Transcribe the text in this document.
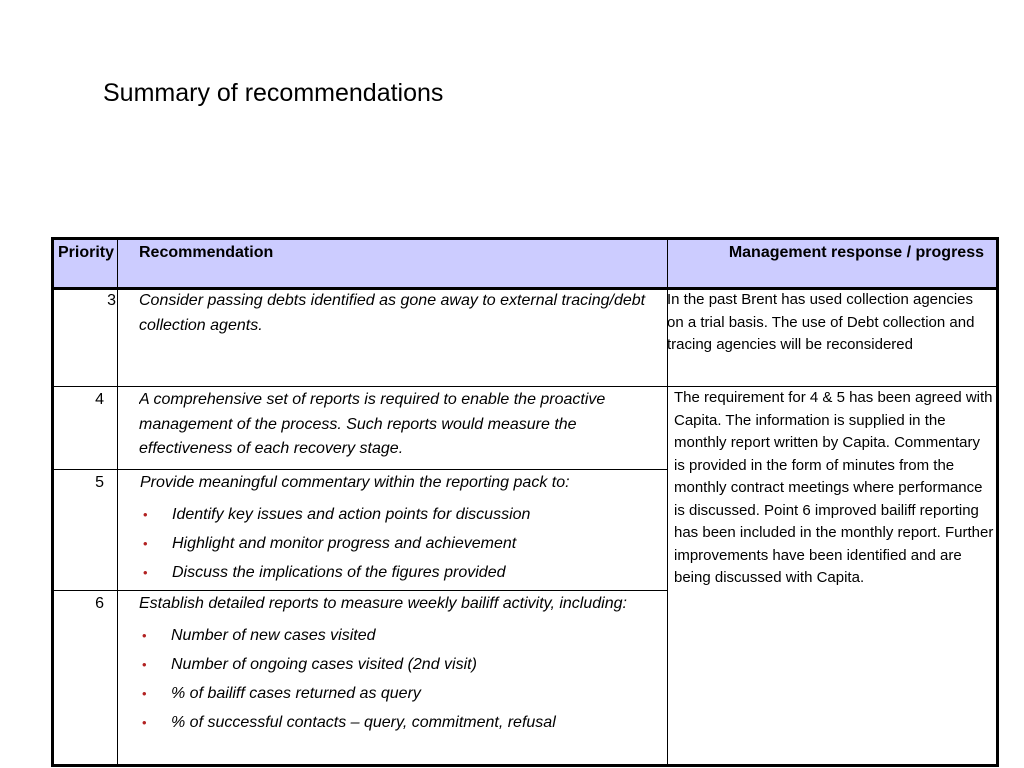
Summary of recommendations
Priority Recommendation	Management response / progress
3 Consider passing debts identified as gone away to external tracing/debt collection agents.
In the past Brent has used collection agencies on a trial basis. The use of Debt collection and tracing agencies will be reconsidered
4 A comprehensive set of reports is required to enable the proactive management of the process. Such reports would measure the effectiveness of each recovery stage.
5 Provide meaningful commentary within the reporting pack to:
• Identify key issues and action points for discussion
• Highlight and monitor progress and achievement
• Discuss the implications of the figures provided
6 Establish detailed reports to measure weekly bailiff activity, including:
• Number of new cases visited
• Number of ongoing cases visited (2nd visit)
• % of bailiff cases returned as query
• % of successful contacts – query, commitment, refusal
The requirement for 4 & 5 has been agreed with Capita. The information is supplied in the monthly report written by Capita. Commentary is provided in the form of minutes from the monthly contract meetings where performance is discussed. Point 6 improved bailiff reporting has been included in the monthly report. Further improvements have been identified and are being discussed with Capita.
